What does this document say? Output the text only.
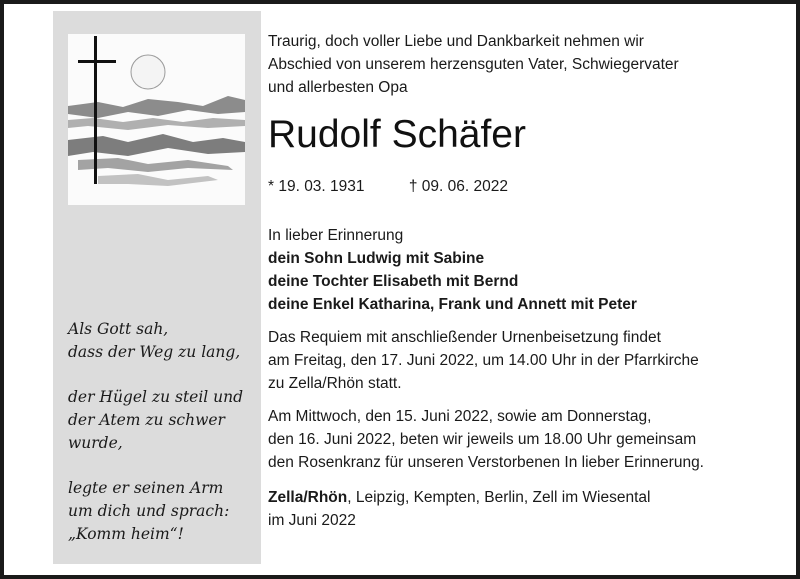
Als Gott sah,
dass der Weg zu lang,
der Hügel zu steil und
der Atem zu schwer
wurde,
legte er seinen Arm
um dich und sprach:
„Komm heim“!
Traurig, doch voller Liebe und Dankbarkeit nehmen wir
Abschied von unserem herzensguten Vater, Schwiegervater
und allerbesten Opa
Rudolf Schäfer
* 19. 03. 1931	† 09. 06. 2022
In lieber Erinnerung
dein Sohn Ludwig mit Sabine
deine Tochter Elisabeth mit Bernd
deine Enkel Katharina, Frank und Annett mit Peter
Das Requiem mit anschließender Urnenbeisetzung findet
am Freitag, den 17. Juni 2022, um 14.00 Uhr in der Pfarrkirche
zu Zella/Rhön statt.
Am Mittwoch, den 15. Juni 2022, sowie am Donnerstag,
den 16. Juni 2022, beten wir jeweils um 18.00 Uhr gemeinsam
den Rosenkranz für unseren Verstorbenen In lieber Erinnerung.
Zella/Rhön, Leipzig, Kempten, Berlin, Zell im Wiesental
im Juni 2022
